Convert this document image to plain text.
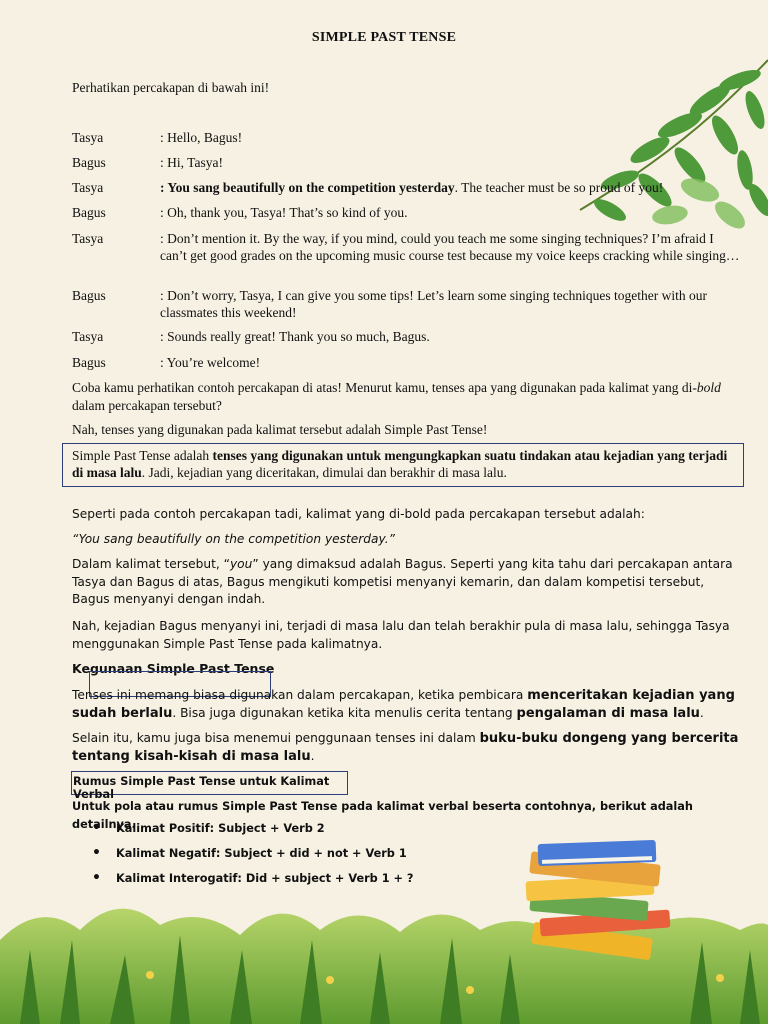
SIMPLE PAST TENSE
Perhatikan percakapan di bawah ini!
Tasya	: Hello, Bagus!
Bagus	: Hi, Tasya!
Tasya	: You sang beautifully on the competition yesterday. The teacher must be so proud of you!
Bagus	: Oh, thank you, Tasya! That’s so kind of you.
Tasya	: Don’t mention it. By the way, if you mind, could you teach me some singing techniques? I’m afraid I can’t get good grades on the upcoming music course test because my voice keeps cracking while singing…
Bagus	: Don’t worry, Tasya, I can give you some tips! Let’s learn some singing techniques together with our classmates this weekend!
Tasya	: Sounds really great! Thank you so much, Bagus.
Bagus	: You’re welcome!
Coba kamu perhatikan contoh percakapan di atas! Menurut kamu, tenses apa yang digunakan pada kalimat yang di-bold dalam percakapan tersebut?
Nah, tenses yang digunakan pada kalimat tersebut adalah Simple Past Tense!
Simple Past Tense adalah tenses yang digunakan untuk mengungkapkan suatu tindakan atau kejadian yang terjadi di masa lalu. Jadi, kejadian yang diceritakan, dimulai dan berakhir di masa lalu.
Seperti pada contoh percakapan tadi, kalimat yang di-bold pada percakapan tersebut adalah:
“You sang beautifully on the competition yesterday.”
Dalam kalimat tersebut, “you” yang dimaksud adalah Bagus. Seperti yang kita tahu dari percakapan antara Tasya dan Bagus di atas, Bagus mengikuti kompetisi menyanyi kemarin, dan dalam kompetisi tersebut, Bagus menyanyi dengan indah.
Nah, kejadian Bagus menyanyi ini, terjadi di masa lalu dan telah berakhir pula di masa lalu, sehingga Tasya menggunakan Simple Past Tense pada kalimatnya.
Kegunaan Simple Past Tense
Tenses ini memang biasa digunakan dalam percakapan, ketika pembicara menceritakan kejadian yang sudah berlalu. Bisa juga digunakan ketika kita menulis cerita tentang pengalaman di masa lalu.
Selain itu, kamu juga bisa menemui penggunaan tenses ini dalam buku-buku dongeng yang bercerita tentang kisah-kisah di masa lalu.
Rumus Simple Past Tense untuk Kalimat Verbal
Untuk pola atau rumus Simple Past Tense pada kalimat verbal beserta contohnya, berikut adalah detailnya.
• Kalimat Positif: Subject + Verb 2
• Kalimat Negatif: Subject + did + not + Verb 1
• Kalimat Interogatif: Did + subject + Verb 1 + ?
